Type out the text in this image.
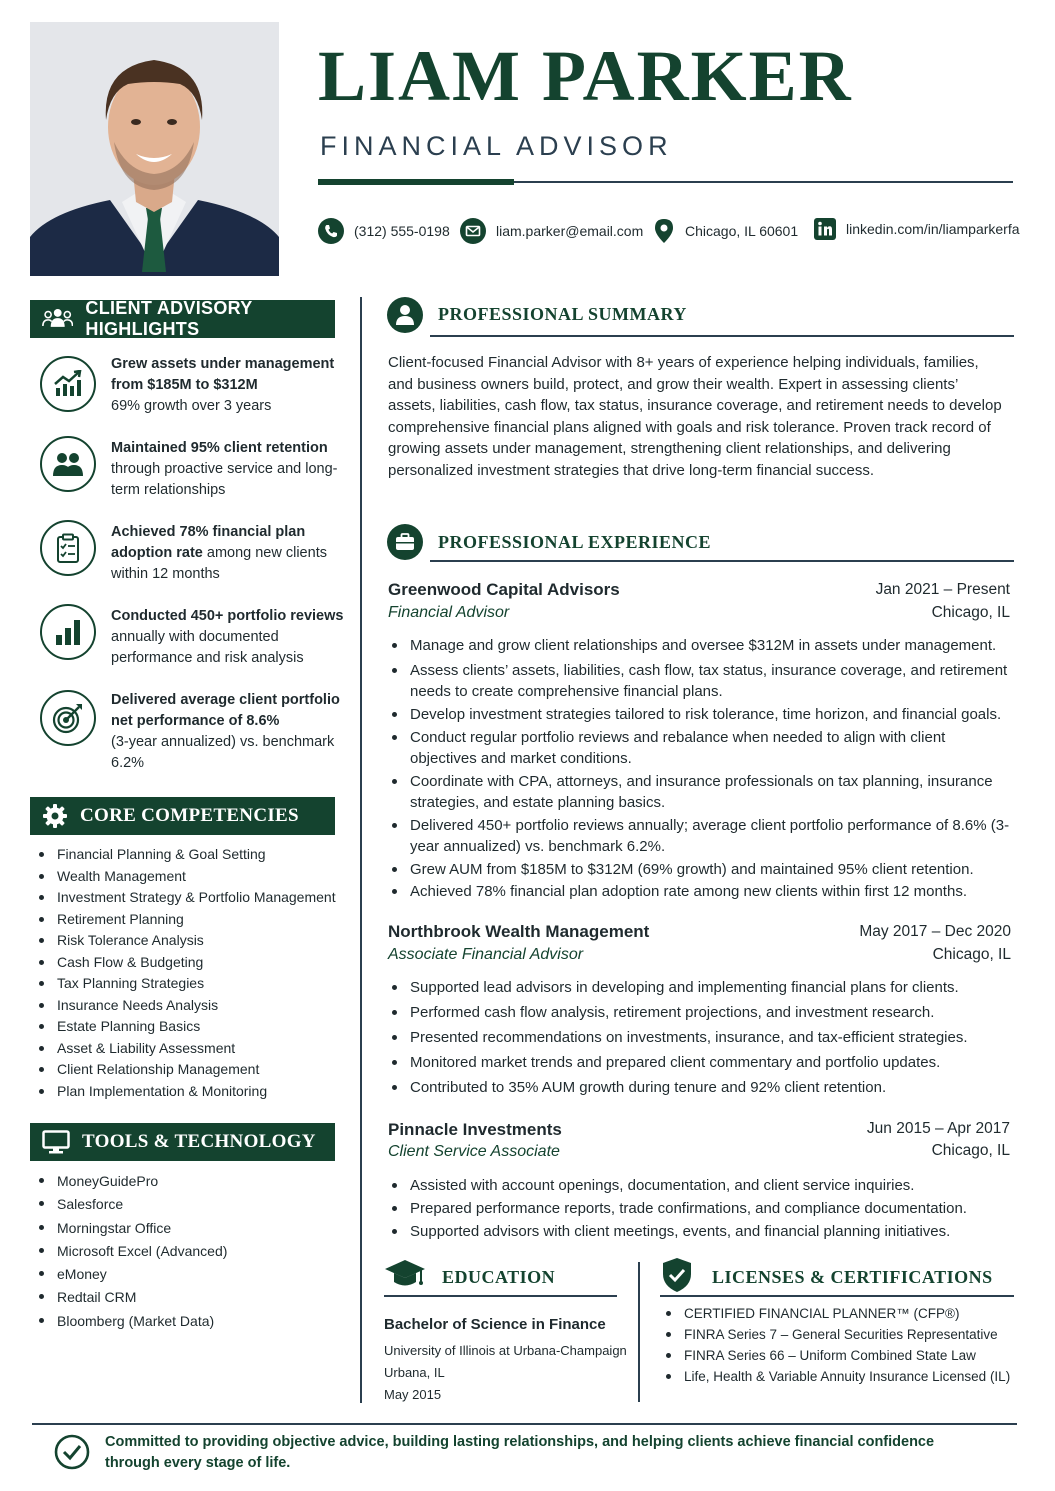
LIAM PARKER
FINANCIAL ADVISOR
(312) 555-0198	liam.parker@email.com	Chicago, IL 60601	linkedin.com/in/liamparkerfa
CLIENT ADVISORY HIGHLIGHTS
Grew assets under management from $185M to $312M
69% growth over 3 years
Maintained 95% client retention through proactive service and long-term relationships
Achieved 78% financial plan adoption rate among new clients within 12 months
Conducted 450+ portfolio reviews annually with documented performance and risk analysis
Delivered average client portfolio net performance of 8.6%
(3-year annualized) vs. benchmark 6.2%
CORE COMPETENCIES
Financial Planning & Goal Setting
Wealth Management
Investment Strategy & Portfolio Management
Retirement Planning
Risk Tolerance Analysis
Cash Flow & Budgeting
Tax Planning Strategies
Insurance Needs Analysis
Estate Planning Basics
Asset & Liability Assessment
Client Relationship Management
Plan Implementation & Monitoring
TOOLS & TECHNOLOGY
MoneyGuidePro
Salesforce
Morningstar Office
Microsoft Excel (Advanced)
eMoney
Redtail CRM
Bloomberg (Market Data)
PROFESSIONAL SUMMARY
Client-focused Financial Advisor with 8+ years of experience helping individuals, families, and business owners build, protect, and grow their wealth. Expert in assessing clients’ assets, liabilities, cash flow, tax status, insurance coverage, and retirement needs to develop comprehensive financial plans aligned with goals and risk tolerance. Proven track record of growing assets under management, strengthening client relationships, and delivering personalized investment strategies that drive long-term financial success.
PROFESSIONAL EXPERIENCE
Greenwood Capital Advisors
Financial Advisor
Jan 2021 – Present
Chicago, IL
Manage and grow client relationships and oversee $312M in assets under management.
Assess clients’ assets, liabilities, cash flow, tax status, insurance coverage, and retirement needs to create comprehensive financial plans.
Develop investment strategies tailored to risk tolerance, time horizon, and financial goals.
Conduct regular portfolio reviews and rebalance when needed to align with client objectives and market conditions.
Coordinate with CPA, attorneys, and insurance professionals on tax planning, insurance strategies, and estate planning basics.
Delivered 450+ portfolio reviews annually; average client portfolio performance of 8.6% (3-year annualized) vs. benchmark 6.2%.
Grew AUM from $185M to $312M (69% growth) and maintained 95% client retention.
Achieved 78% financial plan adoption rate among new clients within first 12 months.
Northbrook Wealth Management
Associate Financial Advisor
May 2017 – Dec 2020
Chicago, IL
Supported lead advisors in developing and implementing financial plans for clients.
Performed cash flow analysis, retirement projections, and investment research.
Presented recommendations on investments, insurance, and tax-efficient strategies.
Monitored market trends and prepared client commentary and portfolio updates.
Contributed to 35% AUM growth during tenure and 92% client retention.
Pinnacle Investments
Client Service Associate
Jun 2015 – Apr 2017
Chicago, IL
Assisted with account openings, documentation, and client service inquiries.
Prepared performance reports, trade confirmations, and compliance documentation.
Supported advisors with client meetings, events, and financial planning initiatives.
EDUCATION
Bachelor of Science in Finance
University of Illinois at Urbana-Champaign
Urbana, IL
May 2015
LICENSES & CERTIFICATIONS
CERTIFIED FINANCIAL PLANNER™ (CFP®)
FINRA Series 7 – General Securities Representative
FINRA Series 66 – Uniform Combined State Law
Life, Health & Variable Annuity Insurance Licensed (IL)
Committed to providing objective advice, building lasting relationships, and helping clients achieve financial confidence through every stage of life.
